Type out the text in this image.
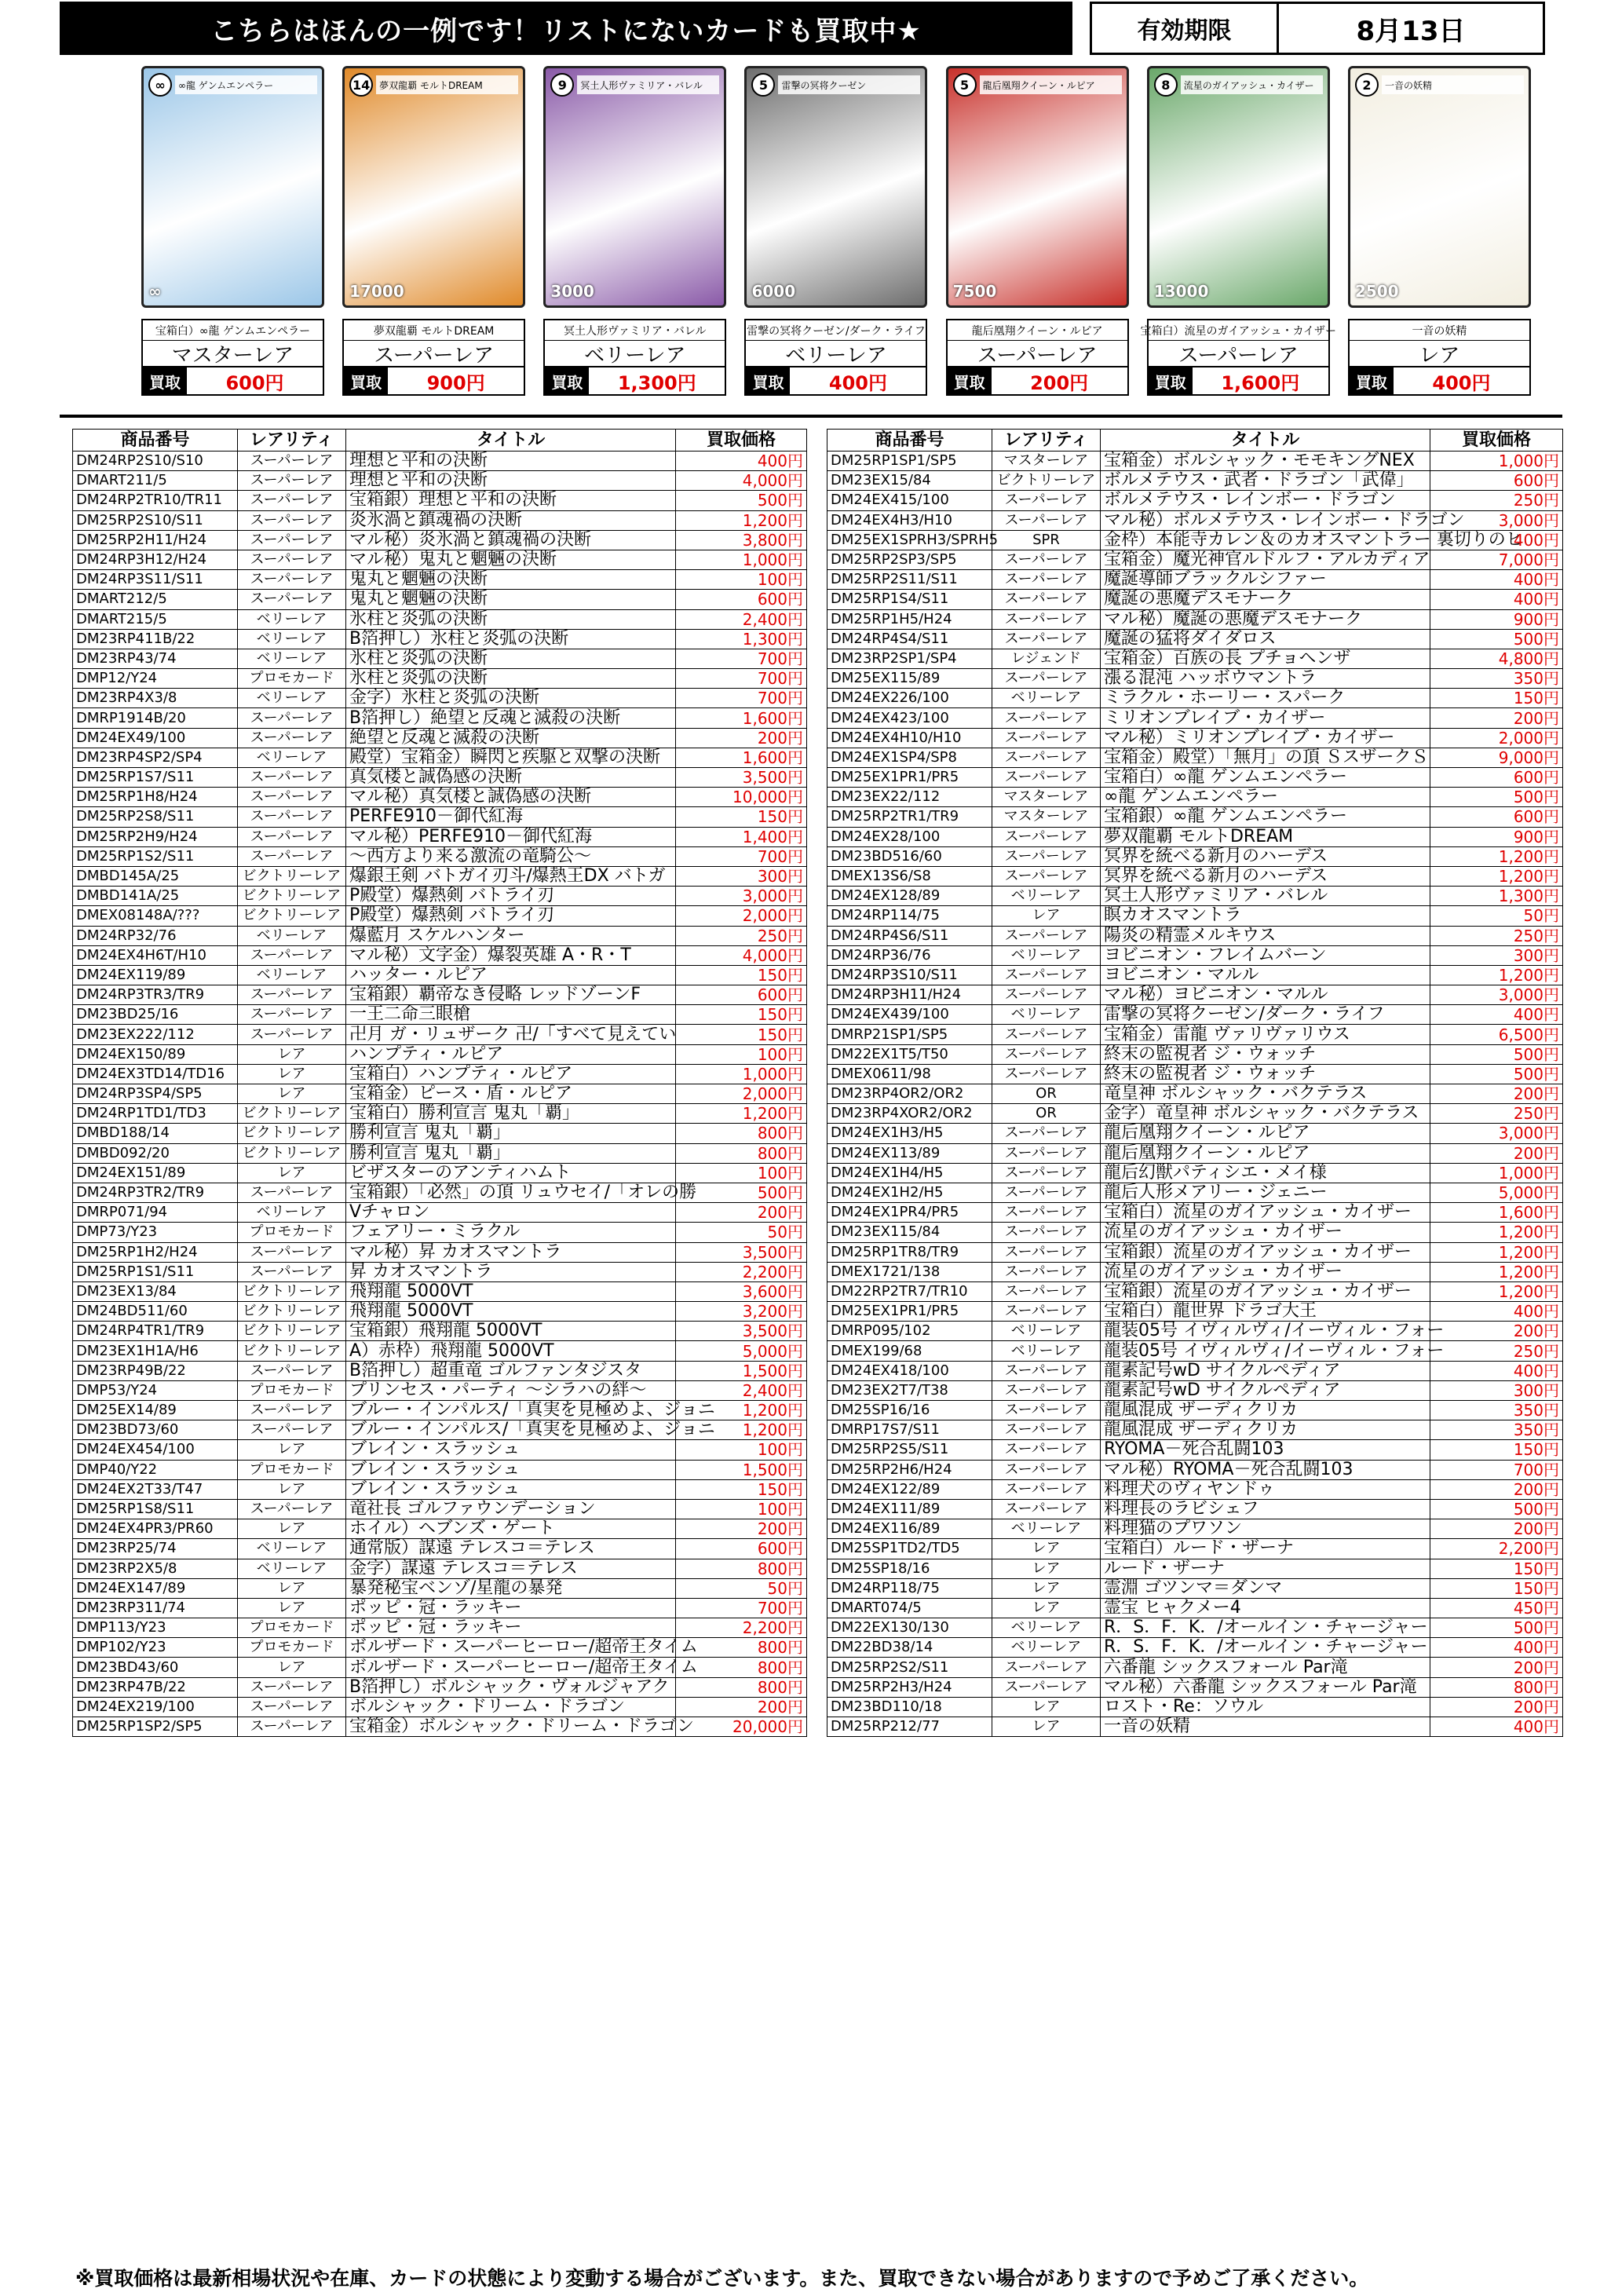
こちらはほんの一例です！リストにないカードも買取中★	有効期限	8月13日
∞	∞龍 ゲンムエンペラー
∞
宝箱白）∞龍 ゲンムエンペラー
マスターレア
買取	600円
14 夢双龍覇 モルトDREAM
17000
夢双龍覇 モルトDREAM
スーパーレア
買取	900円
9	冥土人形ヴァミリア・バレル
3000
冥土人形ヴァミリア・バレル
ベリーレア
買取	1,300円
5	雷撃の冥将クーゼン
6000
雷撃の冥将クーゼン/ダーク・ライフ
ベリーレア
買取	400円
5	龍后凰翔クイーン・ルピア
7500
龍后凰翔クイーン・ルピア
スーパーレア
買取	200円
8	流星のガイアッシュ・カイザー
13000
宝箱白）流星のガイアッシュ・カイザー
スーパーレア
買取	1,600円
2	一音の妖精
2500
一音の妖精
レア
買取	400円
商品番号	レアリティ	タイトル	買取価格
DM24RP2S10/S10	スーパーレア	理想と平和の決断	400円
DMART211/5	スーパーレア	理想と平和の決断	4,000円
DM24RP2TR10/TR11	スーパーレア	宝箱銀）理想と平和の決断	500円
DM25RP2S10/S11	スーパーレア	炎氷渦と鎮魂禍の決断	1,200円
DM25RP2H11/H24	スーパーレア	マル秘）炎氷渦と鎮魂禍の決断	3,800円
DM24RP3H12/H24	スーパーレア	マル秘）鬼丸と魍魎の決断	1,000円
DM24RP3S11/S11	スーパーレア	鬼丸と魍魎の決断	100円
DMART212/5	スーパーレア	鬼丸と魍魎の決断	600円
DMART215/5	ベリーレア	氷柱と炎弧の決断	2,400円
DM23RP411B/22	ベリーレア	B箔押し）氷柱と炎弧の決断	1,300円
DM23RP43/74	ベリーレア	氷柱と炎弧の決断	700円
DMP12/Y24	プロモカード	氷柱と炎弧の決断	700円
DM23RP4X3/8	ベリーレア	金字）氷柱と炎弧の決断	700円
DMRP1914B/20	スーパーレア	B箔押し）絶望と反魂と滅殺の決断	1,600円
DM24EX49/100	スーパーレア	絶望と反魂と滅殺の決断	200円
DM23RP4SP2/SP4	ベリーレア	殿堂）宝箱金）瞬閃と疾駆と双撃の決断	1,600円
DM25RP1S7/S11	スーパーレア	真気楼と誠偽感の決断	3,500円
DM25RP1H8/H24	スーパーレア	マル秘）真気楼と誠偽感の決断	10,000円
DM25RP2S8/S11	スーパーレア	PERFE910－御代紅海	150円
DM25RP2H9/H24	スーパーレア	マル秘）PERFE910－御代紅海	1,400円
DM25RP1S2/S11	スーパーレア	～西方より来る激流の竜騎公～	700円
DMBD145A/25	ビクトリーレア	爆銀王剣 バトガイ刃斗/爆熱王DX バトガ	300円
DMBD141A/25	ビクトリーレア	P殿堂）爆熱剣 バトライ刃	3,000円
DMEX08148A/???	ビクトリーレア	P殿堂）爆熱剣 バトライ刃	2,000円
DM24RP32/76	ベリーレア	爆藍月 スケルハンター	250円
DM24EX4H6T/H10	スーパーレア	マル秘）文字金）爆裂英雄 A・R・T	4,000円
DM24EX119/89	ベリーレア	ハッター・ルピア	150円
DM24RP3TR3/TR9	スーパーレア	宝箱銀）覇帝なき侵略 レッドゾーンF	600円
DM23BD25/16	スーパーレア	一王二命三眼槍	150円
DM23EX222/112	スーパーレア	卍月 ガ・リュザーク 卍/「すべて見えてい	150円
DM24EX150/89	レア	ハンプティ・ルピア	100円
DM24EX3TD14/TD16	レア	宝箱白）ハンプティ・ルピア	1,000円
DM24RP3SP4/SP5	レア	宝箱金）ピース・盾・ルピア	2,000円
DM24RP1TD1/TD3	ビクトリーレア	宝箱白）勝利宣言 鬼丸「覇」	1,200円
DMBD188/14	ビクトリーレア	勝利宣言 鬼丸「覇」	800円
DMBD092/20	ビクトリーレア	勝利宣言 鬼丸「覇」	800円
DM24EX151/89	レア	ビザスターのアンティハムト	100円
DM24RP3TR2/TR9	スーパーレア	宝箱銀）「必然」の頂 リュウセイ/「オレの勝	500円
DMRP071/94	ベリーレア	Vチャロン	200円
DMP73/Y23	プロモカード	フェアリー・ミラクル	50円
DM25RP1H2/H24	スーパーレア	マル秘）昇 カオスマントラ	3,500円
DM25RP1S1/S11	スーパーレア	昇 カオスマントラ	2,200円
DM23EX13/84	ビクトリーレア	飛翔龍 5000VT	3,600円
DM24BD511/60	ビクトリーレア	飛翔龍 5000VT	3,200円
DM24RP4TR1/TR9	ビクトリーレア	宝箱銀）飛翔龍 5000VT	3,500円
DM23EX1H1A/H6	ビクトリーレア	A）赤枠）飛翔龍 5000VT	5,000円
DM23RP49B/22	スーパーレア	B箔押し）超重竜 ゴルファンタジスタ	1,500円
DMP53/Y24	プロモカード	プリンセス・パーティ ～シラハの絆～	2,400円
DM25EX14/89	スーパーレア	ブルー・インパルス/「真実を見極めよ、ジョニ	1,200円
DM23BD73/60	スーパーレア	ブルー・インパルス/「真実を見極めよ、ジョニ	1,200円
DM24EX454/100	レア	ブレイン・スラッシュ	100円
DMP40/Y22	プロモカード	ブレイン・スラッシュ	1,500円
DM24EX2T33/T47	レア	ブレイン・スラッシュ	150円
DM25RP1S8/S11	スーパーレア	竜社長 ゴルファウンデーション	100円
DM24EX4PR3/PR60	レア	ホイル）ヘブンズ・ゲート	200円
DM23RP25/74	ベリーレア	通常版）謀遠 テレスコ＝テレス	600円
DM23RP2X5/8	ベリーレア	金字）謀遠 テレスコ＝テレス	800円
DM24EX147/89	レア	暴発秘宝ベンゾ/星龍の暴発	50円
DM23RP311/74	レア	ポッピ・冠・ラッキー	700円
DMP113/Y23	プロモカード	ポッピ・冠・ラッキー	2,200円
DMP102/Y23	プロモカード	ボルザード・スーパーヒーロー/超帝王タイム	800円
DM23BD43/60	レア	ボルザード・スーパーヒーロー/超帝王タイム	800円
DM23RP47B/22	スーパーレア	B箔押し）ボルシャック・ヴォルジャアク	800円
DM24EX219/100	スーパーレア	ボルシャック・ドリーム・ドラゴン	200円
DM25RP1SP2/SP5	スーパーレア	宝箱金）ボルシャック・ドリーム・ドラゴン	20,000円
商品番号	レアリティ	タイトル	買取価格
DM25RP1SP1/SP5	マスターレア	宝箱金）ボルシャック・モモキングNEX	1,000円
DM23EX15/84	ビクトリーレア	ボルメテウス・武者・ドラゴン「武偉」	600円
DM24EX415/100	スーパーレア	ボルメテウス・レインボー・ドラゴン	250円
DM24EX4H3/H10	スーパーレア	マル秘）ボルメテウス・レインボー・ドラゴン	3,000円
DM25EX1SPRH3/SPRH5	SPR	金枠）本能寺カレン＆のカオスマントラー 裏切りのヒ	400円
DM25RP2SP3/SP5	スーパーレア	宝箱金）魔光神官ルドルフ・アルカディア	7,000円
DM25RP2S11/S11	スーパーレア	魔誕導師ブラックルシファー	400円
DM25RP1S4/S11	スーパーレア	魔誕の悪魔デスモナーク	400円
DM25RP1H5/H24	スーパーレア	マル秘）魔誕の悪魔デスモナーク	900円
DM24RP4S4/S11	スーパーレア	魔誕の猛将ダイダロス	500円
DM23RP2SP1/SP4	レジェンド	宝箱金）百族の長 プチョヘンザ	4,800円
DM25EX115/89	スーパーレア	漲る混沌 ハッボウマントラ	350円
DM24EX226/100	ベリーレア	ミラクル・ホーリー・スパーク	150円
DM24EX423/100	スーパーレア	ミリオンブレイブ・カイザー	200円
DM24EX4H10/H10	スーパーレア	マル秘）ミリオンブレイブ・カイザー	2,000円
DM24EX1SP4/SP8	スーパーレア	宝箱金）殿堂）「無月」の頂 ＳスザークＳ	9,000円
DM25EX1PR1/PR5	スーパーレア	宝箱白）∞龍 ゲンムエンペラー	600円
DM23EX22/112	マスターレア	∞龍 ゲンムエンペラー	500円
DM25RP2TR1/TR9	マスターレア	宝箱銀）∞龍 ゲンムエンペラー	600円
DM24EX28/100	スーパーレア	夢双龍覇 モルトDREAM	900円
DM23BD516/60	スーパーレア	冥界を統べる新月のハーデス	1,200円
DMEX13S6/S8	スーパーレア	冥界を統べる新月のハーデス	1,200円
DM24EX128/89	ベリーレア	冥土人形ヴァミリア・バレル	1,300円
DM24RP114/75	レア	瞑カオスマントラ	50円
DM24RP4S6/S11	スーパーレア	陽炎の精霊メルキウス	250円
DM24RP36/76	ベリーレア	ヨビニオン・フレイムバーン	300円
DM24RP3S10/S11	スーパーレア	ヨビニオン・マルル	1,200円
DM24RP3H11/H24	スーパーレア	マル秘）ヨビニオン・マルル	3,000円
DM24EX439/100	ベリーレア	雷撃の冥将クーゼン/ダーク・ライフ	400円
DMRP21SP1/SP5	スーパーレア	宝箱金）雷龍 ヴァリヴァリウス	6,500円
DM22EX1T5/T50	スーパーレア	終末の監視者 ジ・ウォッチ	500円
DMEX0611/98	スーパーレア	終末の監視者 ジ・ウォッチ	500円
DM23RP4OR2/OR2	OR	竜皇神 ボルシャック・バクテラス	200円
DM23RP4XOR2/OR2	OR	金字）竜皇神 ボルシャック・バクテラス	250円
DM24EX1H3/H5	スーパーレア	龍后凰翔クイーン・ルピア	3,000円
DM24EX113/89	スーパーレア	龍后凰翔クイーン・ルピア	200円
DM24EX1H4/H5	スーパーレア	龍后幻獣パティシエ・メイ様	1,000円
DM24EX1H2/H5	スーパーレア	龍后人形メアリー・ジェニー	5,000円
DM24EX1PR4/PR5	スーパーレア	宝箱白）流星のガイアッシュ・カイザー	1,600円
DM23EX115/84	スーパーレア	流星のガイアッシュ・カイザー	1,200円
DM25RP1TR8/TR9	スーパーレア	宝箱銀）流星のガイアッシュ・カイザー	1,200円
DMEX1721/138	スーパーレア	流星のガイアッシュ・カイザー	1,200円
DM22RP2TR7/TR10	スーパーレア	宝箱銀）流星のガイアッシュ・カイザー	1,200円
DM25EX1PR1/PR5	スーパーレア	宝箱白）龍世界 ドラゴ大王	400円
DMRP095/102	ベリーレア	龍装05号 イヴィルヴィ/イーヴィル・フォー	200円
DMEX199/68	ベリーレア	龍装05号 イヴィルヴィ/イーヴィル・フォー	250円
DM24EX418/100	スーパーレア	龍素記号wD サイクルペディア	400円
DM23EX2T7/T38	スーパーレア	龍素記号wD サイクルペディア	300円
DM25SP16/16	スーパーレア	龍風混成 ザーディクリカ	350円
DMRP17S7/S11	スーパーレア	龍風混成 ザーディクリカ	350円
DM25RP2S5/S11	スーパーレア	RYOMA－死合乱闘103	150円
DM25RP2H6/H24	スーパーレア	マル秘）RYOMA－死合乱闘103	700円
DM24EX122/89	スーパーレア	料理犬のヴィヤンドゥ	200円
DM24EX111/89	スーパーレア	料理長のラビシェフ	500円
DM24EX116/89	ベリーレア	料理猫のプワソン	200円
DM25SP1TD2/TD5	レア	宝箱白）ルード・ザーナ	2,200円
DM25SP18/16	レア	ルード・ザーナ	150円
DM24RP118/75	レア	霊淵 ゴツンマ＝ダンマ	150円
DMART074/5	レア	霊宝 ヒャクメー4	450円
DM22EX130/130	ベリーレア	R．S．F．K．/オールイン・チャージャー	500円
DM22BD38/14	ベリーレア	R．S．F．K．/オールイン・チャージャー	400円
DM25RP2S2/S11	スーパーレア	六番龍 シックスフォール Par滝	200円
DM25RP2H3/H24	スーパーレア	マル秘）六番龍 シックスフォール Par滝	800円
DM23BD110/18	レア	ロスト・Re：ソウル	200円
DM25RP212/77	レア	一音の妖精	400円
※買取価格は最新相場状況や在庫、カードの状態により変動する場合がございます。また、買取できない場合がありますので予めご了承ください。
